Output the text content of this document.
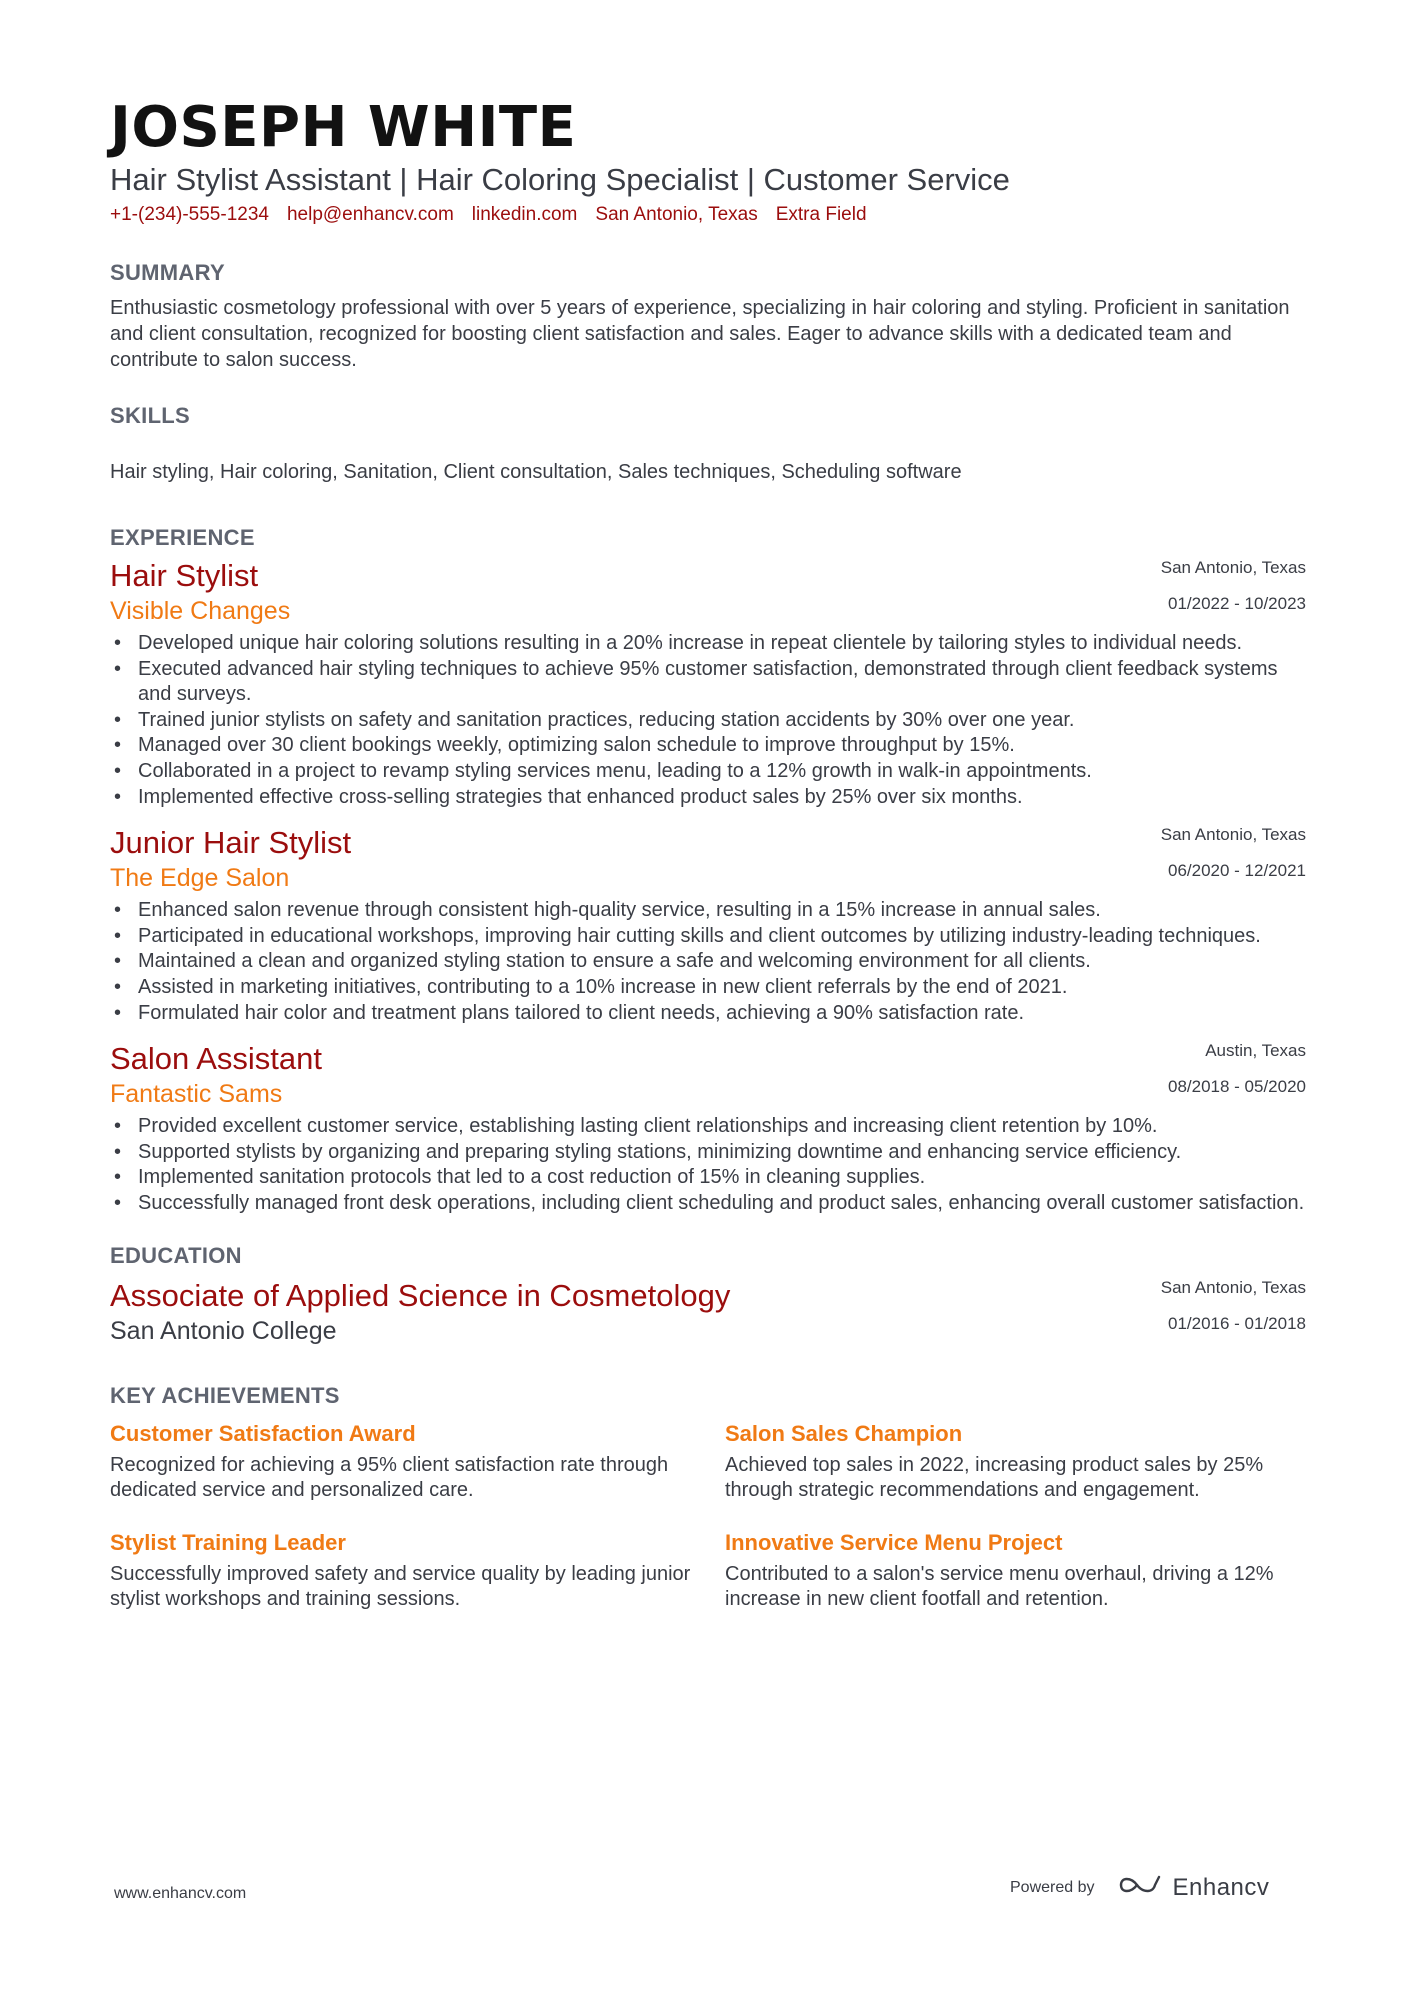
JOSEPH WHITE
Hair Stylist Assistant | Hair Coloring Specialist | Customer Service
+1-(234)-555-1234 help@enhancv.com linkedin.com San Antonio, Texas Extra Field
SUMMARY
Enthusiastic cosmetology professional with over 5 years of experience, specializing in hair coloring and styling. Proficient in sanitation and client consultation, recognized for boosting client satisfaction and sales. Eager to advance skills with a dedicated team and contribute to salon success.
SKILLS
Hair styling, Hair coloring, Sanitation, Client consultation, Sales techniques, Scheduling software
EXPERIENCE
San Antonio, Texas
01/2022 - 10/2023
Hair Stylist
Visible Changes
• Developed unique hair coloring solutions resulting in a 20% increase in repeat clientele by tailoring styles to individual needs.
• Executed advanced hair styling techniques to achieve 95% customer satisfaction, demonstrated through client feedback systems and surveys.
• Trained junior stylists on safety and sanitation practices, reducing station accidents by 30% over one year.
• Managed over 30 client bookings weekly, optimizing salon schedule to improve throughput by 15%.
• Collaborated in a project to revamp styling services menu, leading to a 12% growth in walk-in appointments.
• Implemented effective cross-selling strategies that enhanced product sales by 25% over six months.
San Antonio, Texas
06/2020 - 12/2021
Junior Hair Stylist
The Edge Salon
• Enhanced salon revenue through consistent high-quality service, resulting in a 15% increase in annual sales.
• Participated in educational workshops, improving hair cutting skills and client outcomes by utilizing industry-leading techniques.
• Maintained a clean and organized styling station to ensure a safe and welcoming environment for all clients.
• Assisted in marketing initiatives, contributing to a 10% increase in new client referrals by the end of 2021.
• Formulated hair color and treatment plans tailored to client needs, achieving a 90% satisfaction rate.
Austin, Texas
08/2018 - 05/2020
Salon Assistant
Fantastic Sams
• Provided excellent customer service, establishing lasting client relationships and increasing client retention by 10%.
• Supported stylists by organizing and preparing styling stations, minimizing downtime and enhancing service efficiency.
• Implemented sanitation protocols that led to a cost reduction of 15% in cleaning supplies.
• Successfully managed front desk operations, including client scheduling and product sales, enhancing overall customer satisfaction.
EDUCATION
San Antonio, Texas
01/2016 - 01/2018
Associate of Applied Science in Cosmetology
San Antonio College
KEY ACHIEVEMENTS
Customer Satisfaction Award
Recognized for achieving a 95% client satisfaction rate through dedicated service and personalized care.
Salon Sales Champion
Achieved top sales in 2022, increasing product sales by 25% through strategic recommendations and engagement.
Stylist Training Leader
Successfully improved safety and service quality by leading junior stylist workshops and training sessions.
Innovative Service Menu Project
Contributed to a salon's service menu overhaul, driving a 12% increase in new client footfall and retention.
www.enhancv.com	Powered by	Enhancv
